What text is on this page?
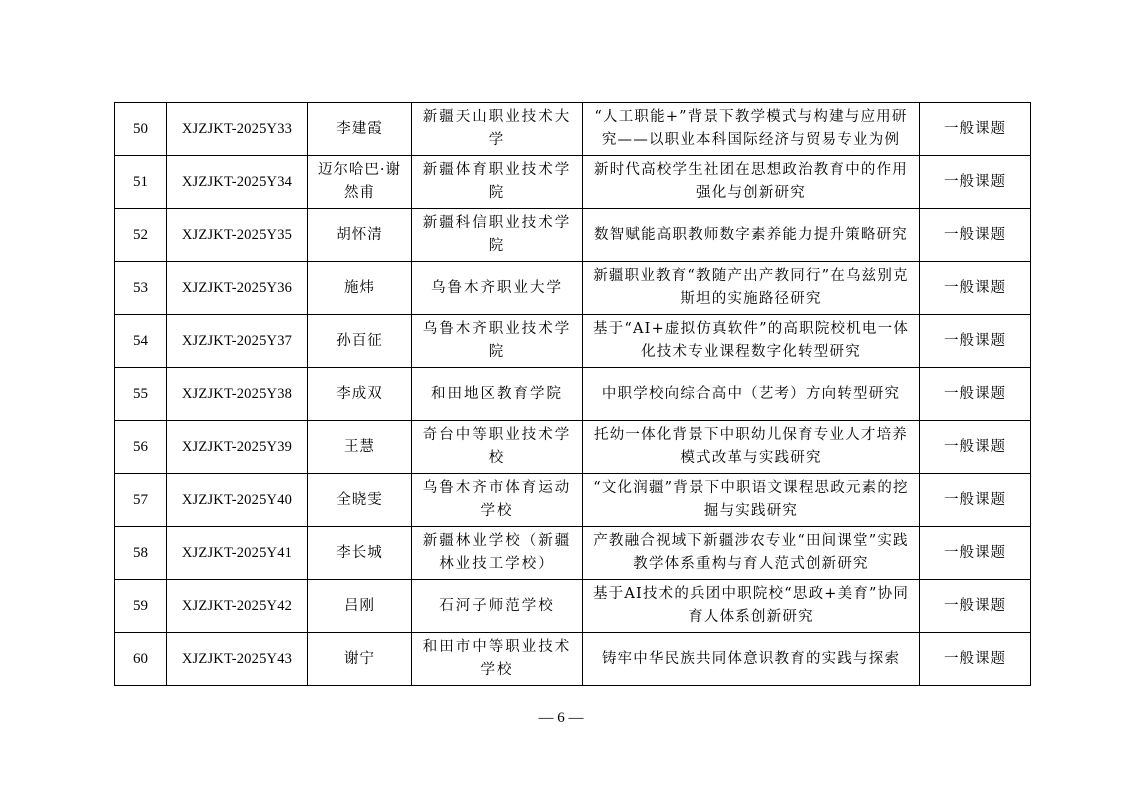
50	XJZJKT-2025Y33	李建霞	新疆天山职业技术大学	“人工职能+”背景下教学模式与构建与应用研究——以职业本科国际经济与贸易专业为例	一般课题
51	XJZJKT-2025Y34	迈尔哈巴·谢然甫	新疆体育职业技术学院	新时代高校学生社团在思想政治教育中的作用强化与创新研究	一般课题
52	XJZJKT-2025Y35	胡怀清	新疆科信职业技术学院	数智赋能高职教师数字素养能力提升策略研究	一般课题
53	XJZJKT-2025Y36	施炜	乌鲁木齐职业大学	新疆职业教育“教随产出产教同行”在乌兹别克斯坦的实施路径研究	一般课题
54	XJZJKT-2025Y37	孙百征	乌鲁木齐职业技术学院	基于“AI+虚拟仿真软件”的高职院校机电一体化技术专业课程数字化转型研究	一般课题
55	XJZJKT-2025Y38	李成双	和田地区教育学院	中职学校向综合高中（艺考）方向转型研究	一般课题
56	XJZJKT-2025Y39	王慧	奇台中等职业技术学校	托幼一体化背景下中职幼儿保育专业人才培养模式改革与实践研究	一般课题
57	XJZJKT-2025Y40	全晓雯	乌鲁木齐市体育运动学校	“文化润疆”背景下中职语文课程思政元素的挖掘与实践研究	一般课题
58	XJZJKT-2025Y41	李长城	新疆林业学校（新疆林业技工学校）	产教融合视域下新疆涉农专业“田间课堂”实践教学体系重构与育人范式创新研究	一般课题
59	XJZJKT-2025Y42	吕刚	石河子师范学校	基于AI技术的兵团中职院校“思政+美育”协同育人体系创新研究	一般课题
60	XJZJKT-2025Y43	谢宁	和田市中等职业技术学校	铸牢中华民族共同体意识教育的实践与探索	一般课题
— 6 —
